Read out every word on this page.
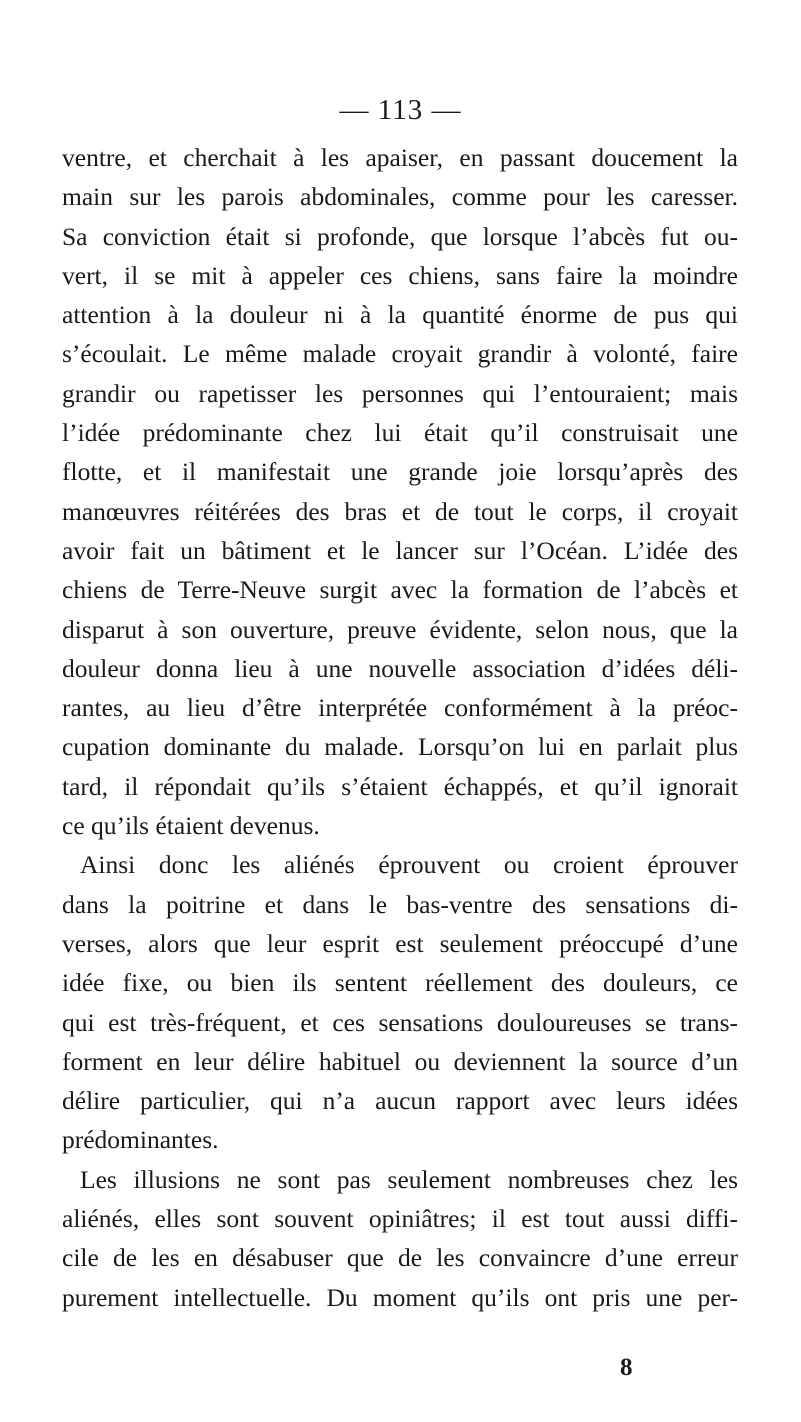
— 113 —
ventre, et cherchait à les apaiser, en passant doucement la
main sur les parois abdominales, comme pour les caresser.
Sa conviction était si profonde, que lorsque l’abcès fut ou-
vert, il se mit à appeler ces chiens, sans faire la moindre
attention à la douleur ni à la quantité énorme de pus qui
s’écoulait. Le même malade croyait grandir à volonté, faire
grandir ou rapetisser les personnes qui l’entouraient; mais
l’idée prédominante chez lui était qu’il construisait une
flotte, et il manifestait une grande joie lorsqu’après des
manœuvres réitérées des bras et de tout le corps, il croyait
avoir fait un bâtiment et le lancer sur l’Océan. L’idée des
chiens de Terre-Neuve surgit avec la formation de l’abcès et
disparut à son ouverture, preuve évidente, selon nous, que la
douleur donna lieu à une nouvelle association d’idées déli-
rantes, au lieu d’être interprétée conformément à la préoc-
cupation dominante du malade. Lorsqu’on lui en parlait plus
tard, il répondait qu’ils s’étaient échappés, et qu’il ignorait
ce qu’ils étaient devenus.
Ainsi donc les aliénés éprouvent ou croient éprouver
dans la poitrine et dans le bas-ventre des sensations di-
verses, alors que leur esprit est seulement préoccupé d’une
idée fixe, ou bien ils sentent réellement des douleurs, ce
qui est très-fréquent, et ces sensations douloureuses se trans-
forment en leur délire habituel ou deviennent la source d’un
délire particulier, qui n’a aucun rapport avec leurs idées
prédominantes.
Les illusions ne sont pas seulement nombreuses chez les
aliénés, elles sont souvent opiniâtres; il est tout aussi diffi-
cile de les en désabuser que de les convaincre d’une erreur
purement intellectuelle. Du moment qu’ils ont pris une per-
8
